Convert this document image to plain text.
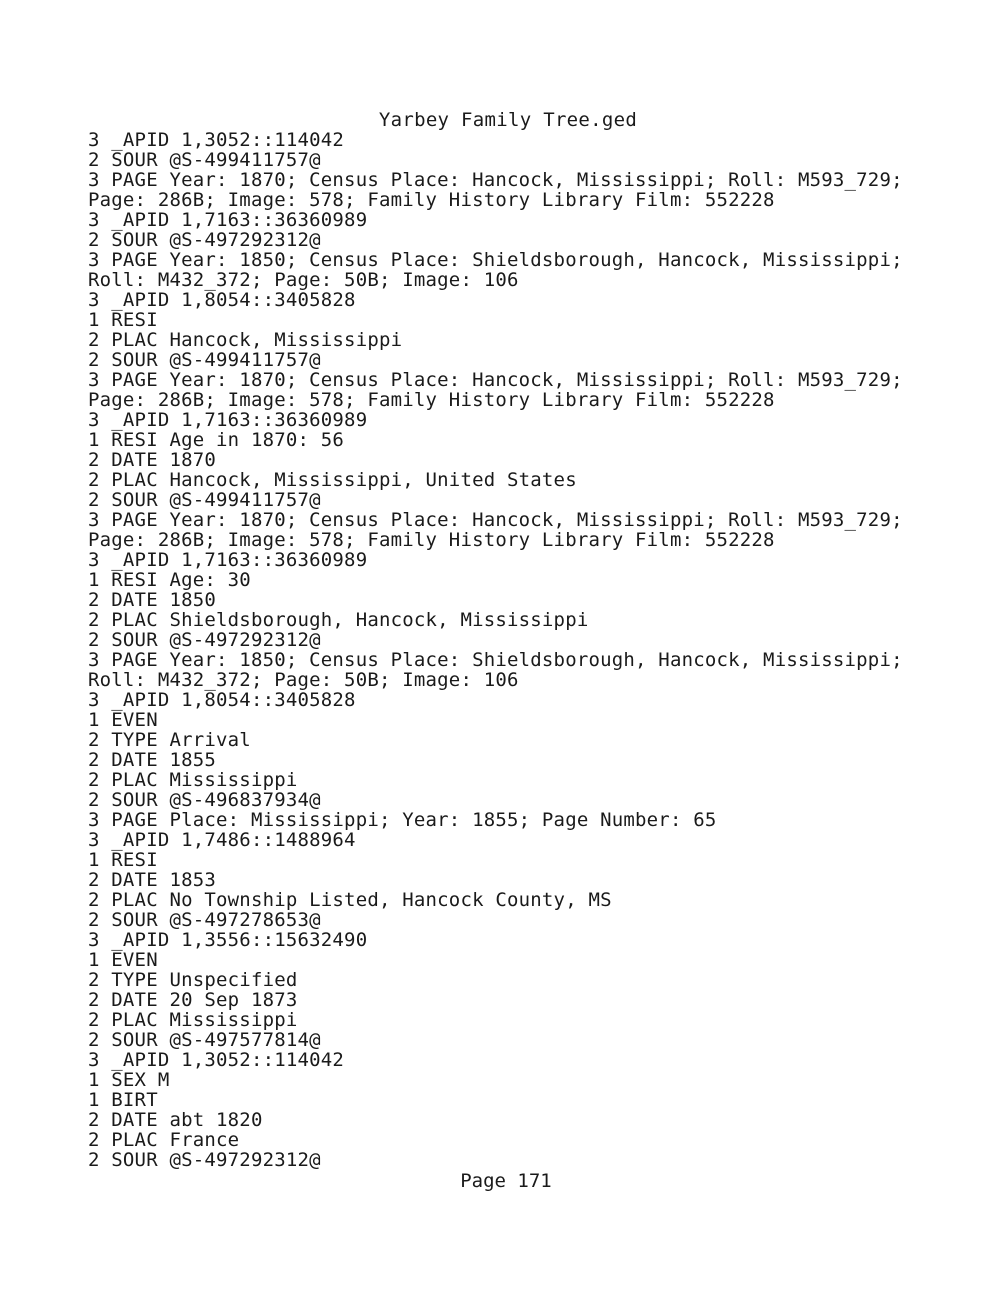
Yarbey Family Tree.ged
3 _APID 1,3052::114042
2 SOUR @S-499411757@
3 PAGE Year: 1870; Census Place: Hancock, Mississippi; Roll: M593_729;
Page: 286B; Image: 578; Family History Library Film: 552228
3 _APID 1,7163::36360989
2 SOUR @S-497292312@
3 PAGE Year: 1850; Census Place: Shieldsborough, Hancock, Mississippi;
Roll: M432_372; Page: 50B; Image: 106
3 _APID 1,8054::3405828
1 RESI
2 PLAC Hancock, Mississippi
2 SOUR @S-499411757@
3 PAGE Year: 1870; Census Place: Hancock, Mississippi; Roll: M593_729;
Page: 286B; Image: 578; Family History Library Film: 552228
3 _APID 1,7163::36360989
1 RESI Age in 1870: 56
2 DATE 1870
2 PLAC Hancock, Mississippi, United States
2 SOUR @S-499411757@
3 PAGE Year: 1870; Census Place: Hancock, Mississippi; Roll: M593_729;
Page: 286B; Image: 578; Family History Library Film: 552228
3 _APID 1,7163::36360989
1 RESI Age: 30
2 DATE 1850
2 PLAC Shieldsborough, Hancock, Mississippi
2 SOUR @S-497292312@
3 PAGE Year: 1850; Census Place: Shieldsborough, Hancock, Mississippi;
Roll: M432_372; Page: 50B; Image: 106
3 _APID 1,8054::3405828
1 EVEN
2 TYPE Arrival
2 DATE 1855
2 PLAC Mississippi
2 SOUR @S-496837934@
3 PAGE Place: Mississippi; Year: 1855; Page Number: 65
3 _APID 1,7486::1488964
1 RESI
2 DATE 1853
2 PLAC No Township Listed, Hancock County, MS
2 SOUR @S-497278653@
3 _APID 1,3556::15632490
1 EVEN
2 TYPE Unspecified
2 DATE 20 Sep 1873
2 PLAC Mississippi
2 SOUR @S-497577814@
3 _APID 1,3052::114042
1 SEX M
1 BIRT
2 DATE abt 1820
2 PLAC France
2 SOUR @S-497292312@
Page 171
